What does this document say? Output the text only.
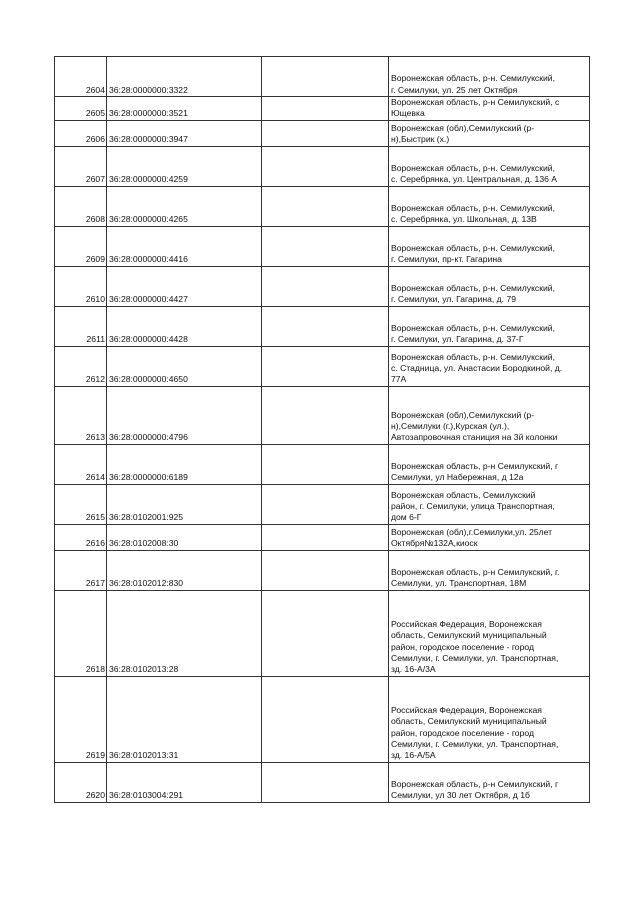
2604	36:28:0000000:3322		Воронежская область, р-н. Семилукский,
г. Семилуки, ул. 25 лет Октября
2605	36:28:0000000:3521		Воронежская область, р-н Семилукский, с
Ющевка
2606	36:28:0000000:3947		Воронежская (обл),Семилукский (р-
н),Быстрик (х.)
2607	36:28:0000000:4259		Воронежская область, р-н. Семилукский,
с. Серебрянка, ул. Центральная, д. 136 А
2608	36:28:0000000:4265		Воронежская область, р-н. Семилукский,
с. Серебрянка, ул. Школьная, д. 13В
2609	36:28:0000000:4416		Воронежская область, р-н. Семилукский,
г. Семилуки, пр-кт. Гагарина
2610	36:28:0000000:4427		Воронежская область, р-н. Семилукский,
г. Семилуки, ул. Гагарина, д. 79
2611	36:28:0000000:4428		Воронежская область, р-н. Семилукский,
г. Семилуки, ул. Гагарина, д. 37-Г
2612	36:28:0000000:4650		Воронежская область, р-н. Семилукский,
с. Стадница, ул. Анастасии Бородкиной, д.
77А
2613	36:28:0000000:4796		Воронежская (обл),Семилукский (р-
н),Семилуки (г.),Курская (ул.),
Автозапровочная станиция на 3й колонки
2614	36:28:0000000:6189		Воронежская область, р-н Семилукский, г
Семилуки, ул Набережная, д 12а
2615	36:28:0102001:925		Воронежская область, Семилукский
район, г. Семилуки, улица Транспортная,
дом 6-Г
2616	36:28:0102008:30		Воронежская (обл),г.Семилуки,ул. 25лет
Октября№132А,киоск
2617	36:28:0102012:830		Воронежская область, р-н Семилукский, г.
Семилуки, ул. Транспортная, 18М
2618	36:28:0102013:28		Российская Федерация, Воронежская
область, Семилукский муниципальный
район, городское поселение - город
Семилуки, г. Семилуки, ул. Транспортная,
зд. 16-А/3А
2619	36:28:0102013:31		Российская Федерация, Воронежская
область, Семилукский муниципальный
район, городское поселение - город
Семилуки, г. Семилуки, ул. Транспортная,
зд. 16-А/5А
2620	36:28:0103004:291		Воронежская область, р-н Семилукский, г
Семилуки, ул 30 лет Октября, д 1б
